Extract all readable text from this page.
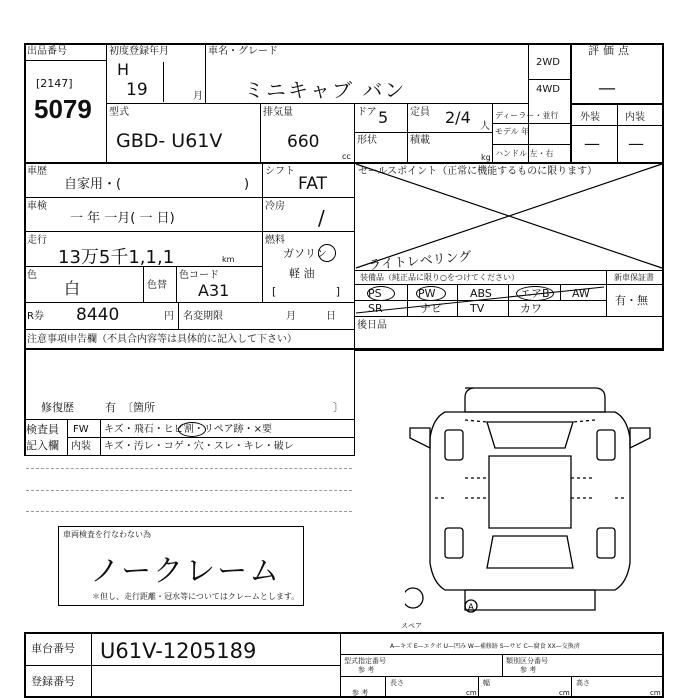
出品番号
[2147]
5079
初度登録年月
H
19	月
車名・グレード
ミニキャブ バン
2WD
4WD
評価点
—
外装	内装
— —
型式
GBD- U61V
排気量
660
cc
ドア 5
形状
定員 2/4 人
積載
kg
ディーラー・並行
モデル 年
ハンドル 左・右
車歴
自家用・(	)
シフト
FAT
車検
一 年 一月( 一 日)
冷房 /
走行
13万5千1,1,1	km
燃料
ガソリン
軽 油
[ ]
色
白	色替
色コード
A31
R券 8440	円 名変期限	月	日
注意事項申告欄（不具合内容等は具体的に記入して下さい）
修復歴	有 〔箇所	〕
セールスポイント（正常に機能するものに限ります）
ライトレベリング
装備品（純正品に限り○をつけてください）	新車保証書
PS	PW	ABS	エアB AW
SR	ナビ	TV	カワ
有・無
後日品
検査員
記入欄
FW キズ・飛石・ヒビ割・リペア跡・×要
内装 キズ・汚レ・コゲ・穴・スレ・キレ・破レ
車両検査を行なわない為
ノークレーム
＊但し、走行距離・冠水等についてはクレームとします。
A
スペア
車台番号 U61V-1205189
登録番号
A—キズ E—エクボ U—凹み W—補修跡 S—サビ C—腐食 XX—交換済
型式指定番号
参 考
類別区分番号
参 考
長さ	幅	高さ
cm	cm	cm
参 考
